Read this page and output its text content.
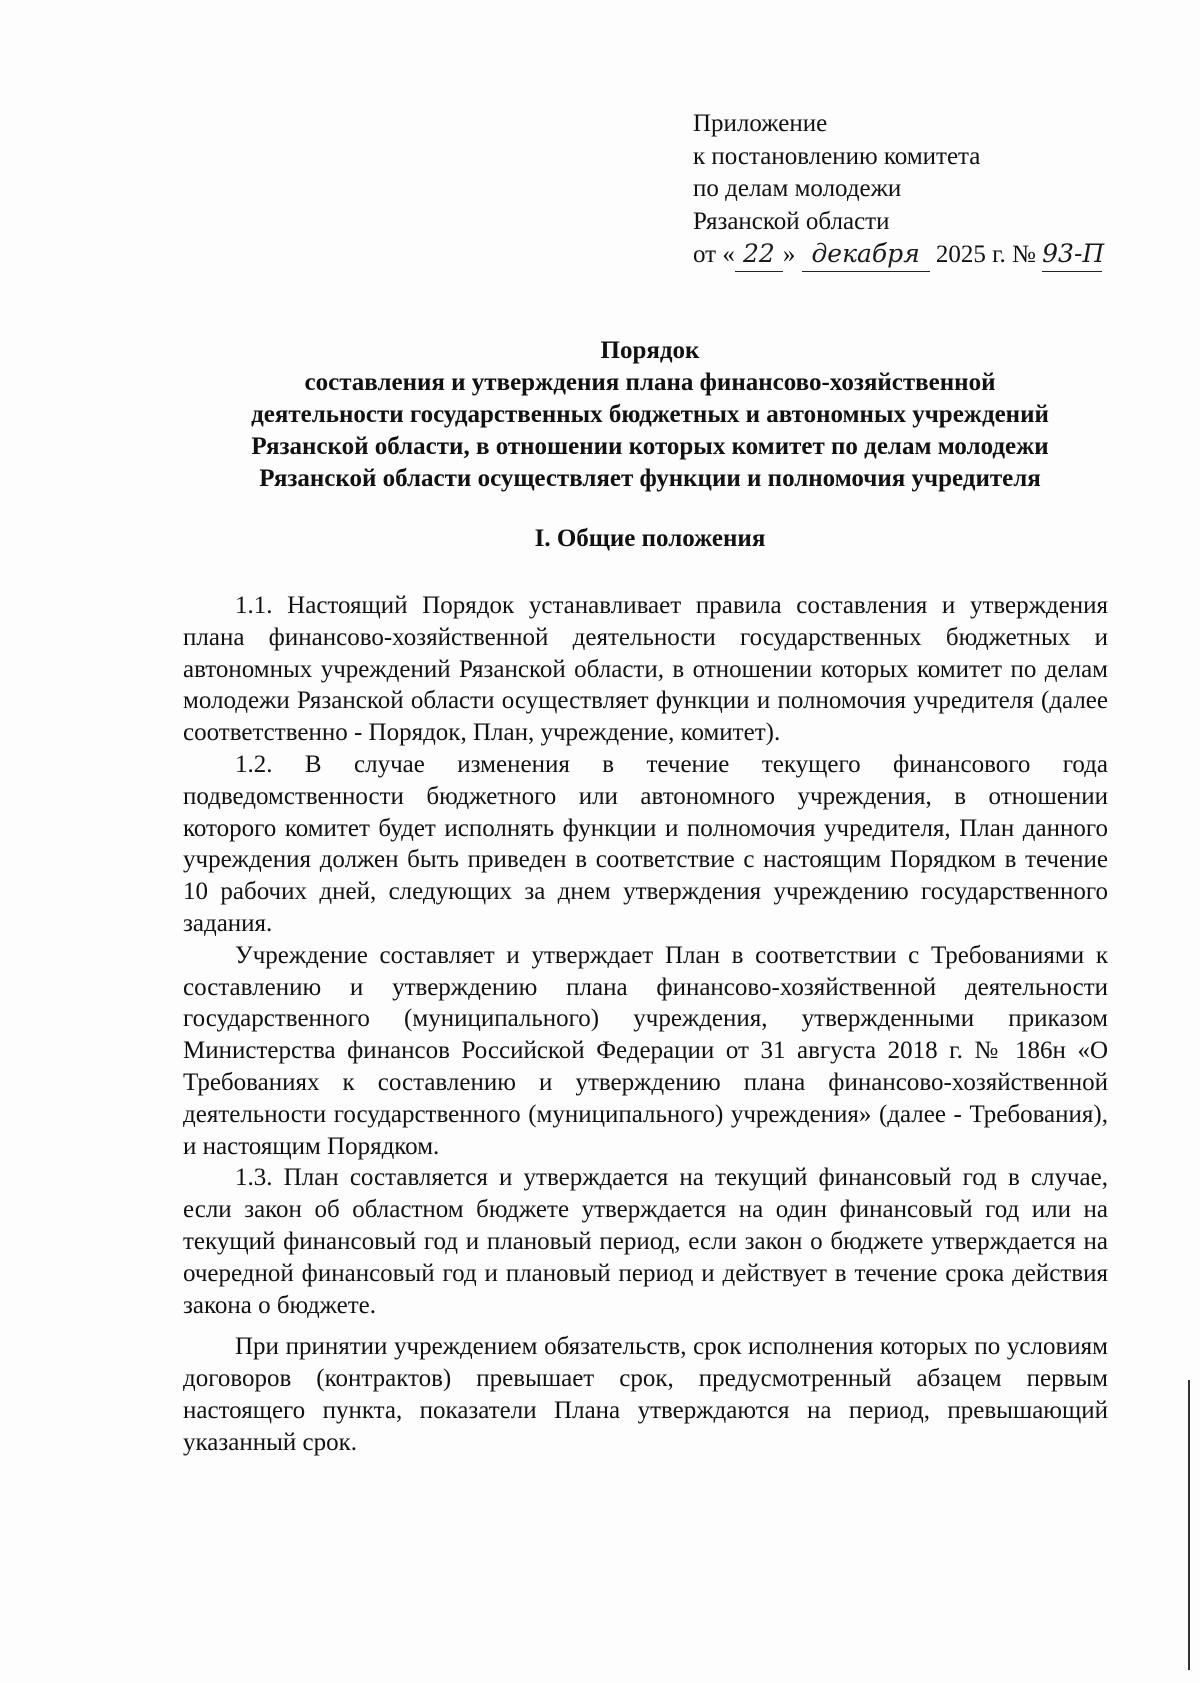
Приложение
к постановлению комитета
по делам молодежи
Рязанской области
от « 22 » декабря 2025 г. № 93-П
Порядок
составления и утверждения плана финансово-хозяйственной
деятельности государственных бюджетных и автономных учреждений
Рязанской области, в отношении которых комитет по делам молодежи
Рязанской области осуществляет функции и полномочия учредителя
I. Общие положения

1.1. Настоящий Порядок устанавливает правила составления и утверждения плана финансово-хозяйственной деятельности государственных бюджетных и автономных учреждений Рязанской области, в отношении которых комитет по делам молодежи Рязанской области осуществляет функции и полномочия учредителя (далее соответственно - Порядок, План, учреждение, комитет).

1.2. В случае изменения в течение текущего финансового года подведомственности бюджетного или автономного учреждения, в отношении которого комитет будет исполнять функции и полномочия учредителя, План данного учреждения должен быть приведен в соответствие с настоящим Порядком в течение 10 рабочих дней, следующих за днем утверждения учреждению государственного задания.

Учреждение составляет и утверждает План в соответствии с Требованиями к составлению и утверждению плана финансово-хозяйственной деятельности государственного (муниципального) учреждения, утвержденными приказом Министерства финансов Российской Федерации от 31 августа 2018 г. № 186н «О Требованиях к составлению и утверждению плана финансово-хозяйственной деятельности государственного (муниципального) учреждения» (далее - Требования), и настоящим Порядком.

1.3. План составляется и утверждается на текущий финансовый год в случае, если закон об областном бюджете утверждается на один финансовый год или на текущий финансовый год и плановый период, если закон о бюджете утверждается на очередной финансовый год и плановый период и действует в течение срока действия закона о бюджете.

При принятии учреждением обязательств, срок исполнения которых по условиям договоров (контрактов) превышает срок, предусмотренный абзацем первым настоящего пункта, показатели Плана утверждаются на период, превышающий указанный срок.
